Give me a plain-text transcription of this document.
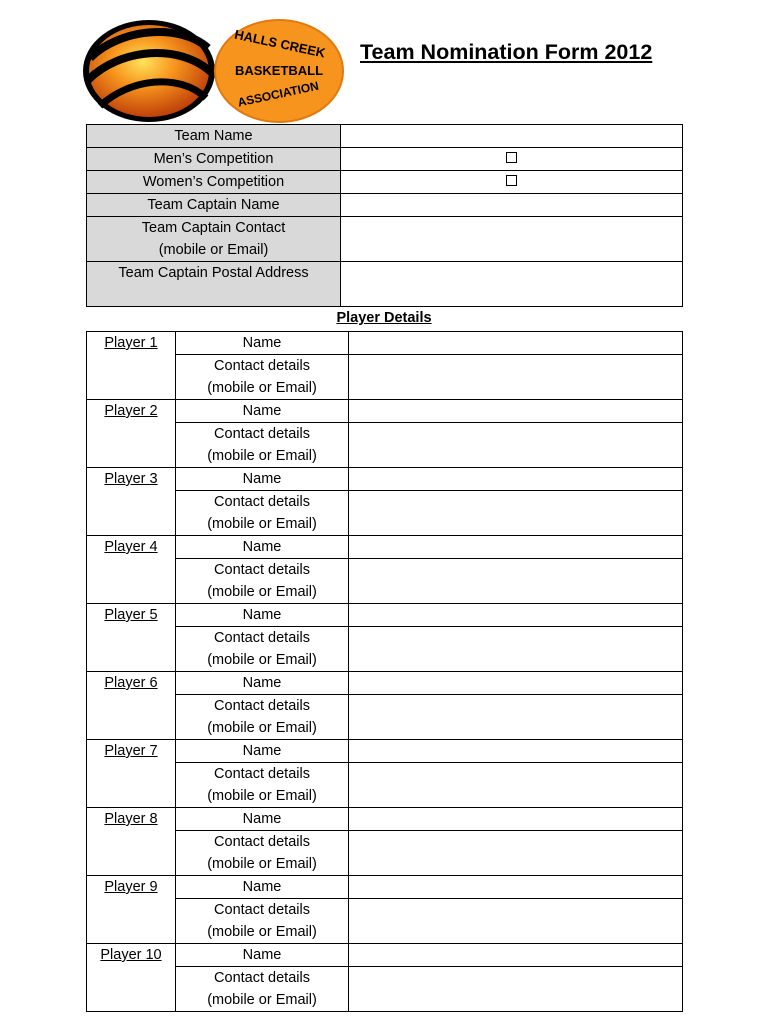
HALLS CREEK
BASKETBALL
ASSOCIATION
Team Nomination Form 2012
Team Name	
Men’s Competition	
Women’s Competition	
Team Captain Name	

Team Captain Contact
(mobile or Email)	

Team Captain Postal Address	
Player Details
Player 1	Name	

	Contact details
(mobile or Email)	

Player 2	Name	

	Contact details
(mobile or Email)	

Player 3	Name	

	Contact details
(mobile or Email)	

Player 4	Name	

	Contact details
(mobile or Email)	

Player 5	Name	

	Contact details
(mobile or Email)	

Player 6	Name	

	Contact details
(mobile or Email)	

Player 7	Name	

	Contact details
(mobile or Email)	

Player 8	Name	

	Contact details
(mobile or Email)	

Player 9	Name	

	Contact details
(mobile or Email)	

Player 10	Name	

	Contact details
(mobile or Email)	
